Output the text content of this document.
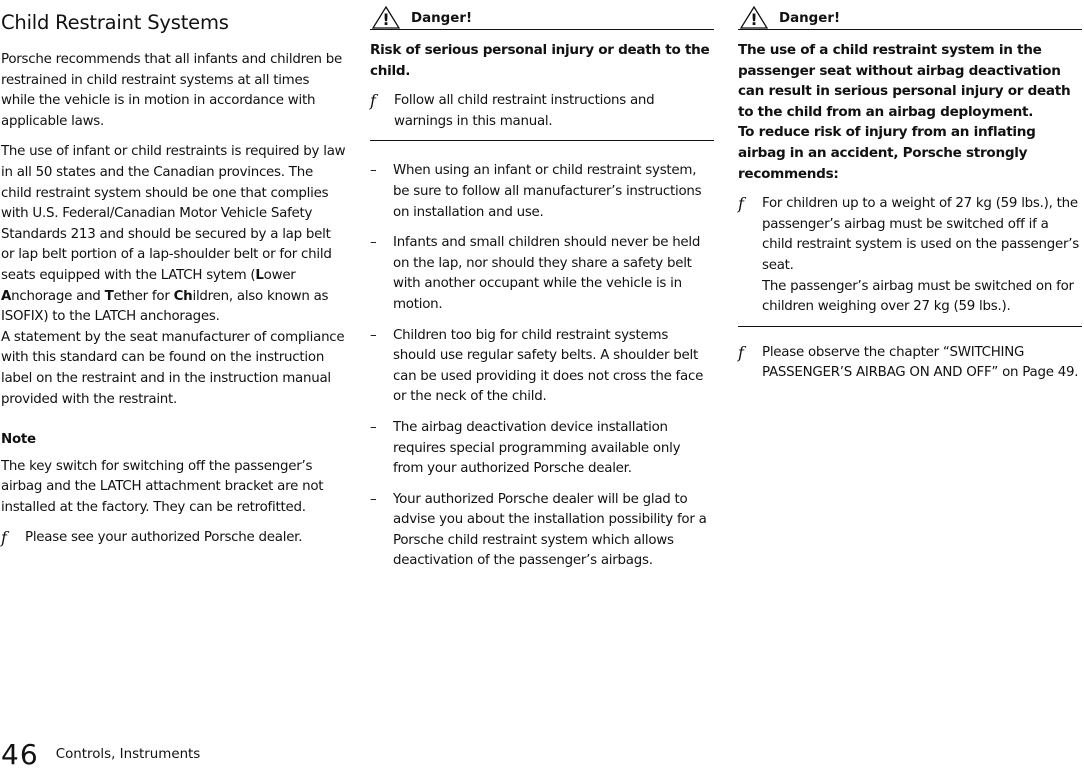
Child Restraint Systems

Porsche recommends that all infants and children be restrained in child restraint systems at all times while the vehicle is in motion in accordance with applicable laws.

The use of infant or child restraints is required by law in all 50 states and the Canadian provinces. The child restraint system should be one that complies with U.S. Federal/Canadian Motor Vehicle Safety Standards 213 and should be secured by a lap belt or lap belt portion of a lap-shoulder belt or for child seats equipped with the LATCH sytem (Lower Anchorage and Tether for Children, also known as ISOFIX) to the LATCH anchorages.

A statement by the seat manufacturer of compliance with this standard can be found on the instruction label on the restraint and in the instruction manual provided with the restraint.

Note

The key switch for switching off the passenger’s airbag and the LATCH attachment bracket are not installed at the factory. They can be retrofitted.

f	Please see your authorized Porsche dealer.
! Danger!

Risk of serious personal injury or death to the child.

f	Follow all child restraint instructions and warnings in this manual.
–	When using an infant or child restraint system, be sure to follow all manufacturer’s instructions on installation and use.
–	Infants and small children should never be held on the lap, nor should they share a safety belt with another occupant while the vehicle is in motion.
–	Children too big for child restraint systems should use regular safety belts. A shoulder belt can be used providing it does not cross the face or the neck of the child.
–	The airbag deactivation device installation requires special programming available only from your authorized Porsche dealer.
–	Your authorized Porsche dealer will be glad to advise you about the installation possibility for a Porsche child restraint system which allows deactivation of the passenger’s airbags.
! Danger!

The use of a child restraint system in the passenger seat without airbag deactivation can result in serious personal injury or death to the child from an airbag deployment.

To reduce risk of injury from an inflating airbag in an accident, Porsche strongly recommends:

f	For children up to a weight of 27 kg (59 lbs.), the passenger’s airbag must be switched off if a child restraint system is used on the passenger’s seat.
The passenger’s airbag must be switched on for children weighing over 27 kg (59 lbs.).
f	Please observe the chapter “SWITCHING PASSENGER’S AIRBAG ON AND OFF” on Page 49.
46 Controls, Instruments
